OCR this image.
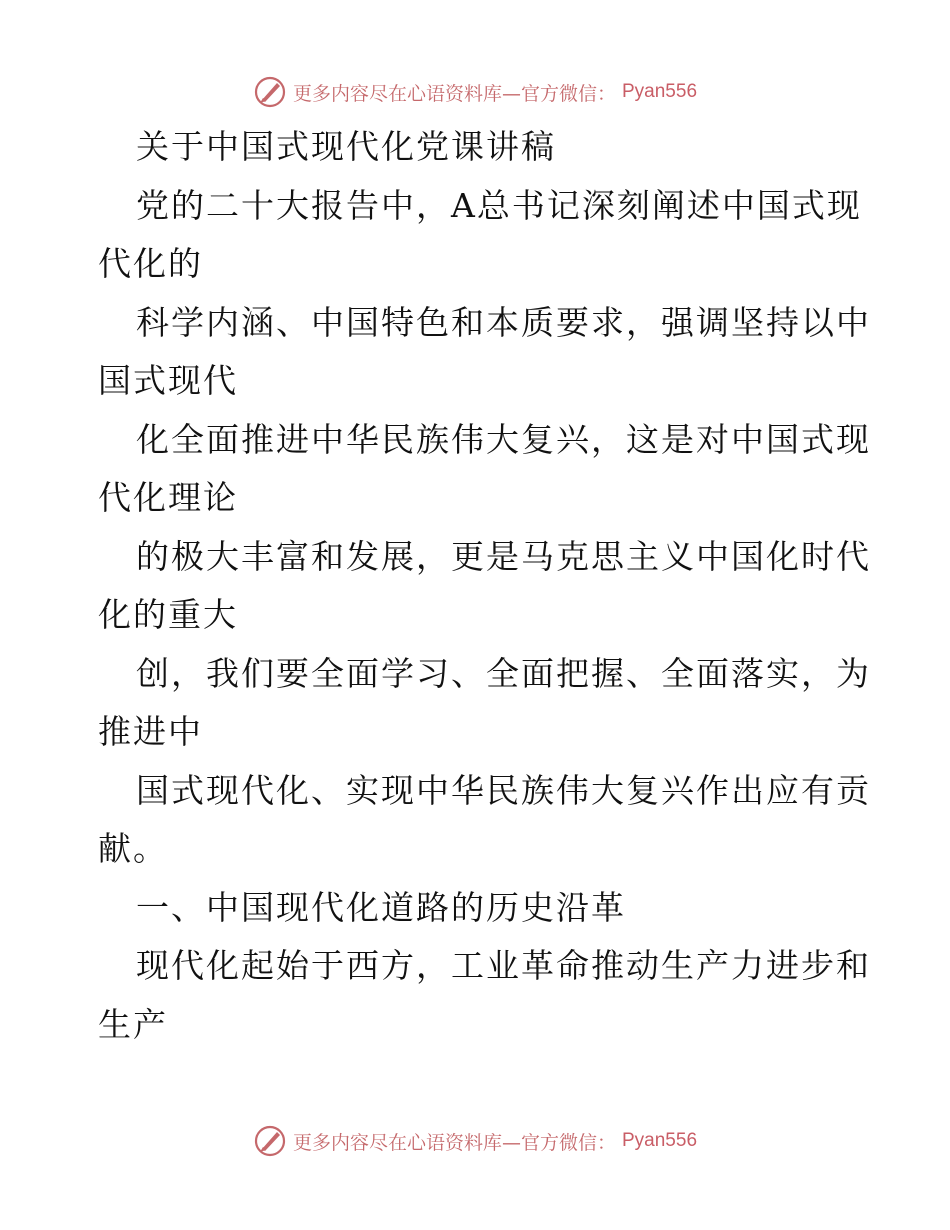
更多内容尽在心语资料库—官方微信： Pyan556
关于中国式现代化党课讲稿
党的二十大报告中，A总书记深刻阐述中国式现
代化的
科学内涵、中国特色和本质要求，强调坚持以中
国式现代
化全面推进中华民族伟大复兴，这是对中国式现
代化理论
的极大丰富和发展，更是马克思主义中国化时代
化的重大
创，我们要全面学习、全面把握、全面落实，为
推进中
国式现代化、实现中华民族伟大复兴作出应有贡
献。
一、中国现代化道路的历史沿革
现代化起始于西方，工业革命推动生产力进步和
生产
更多内容尽在心语资料库—官方微信： Pyan556
